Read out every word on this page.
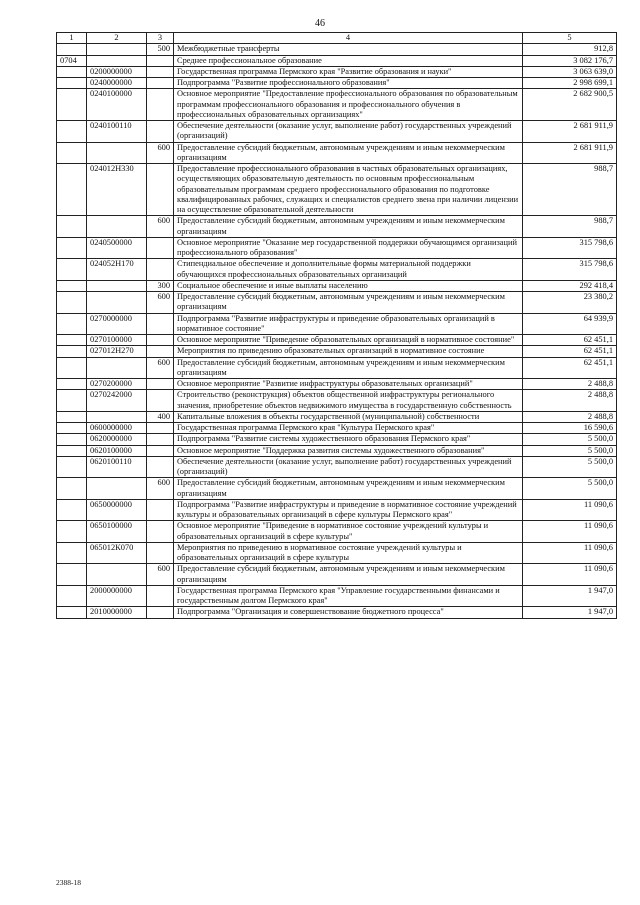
46
1	2	3	4	5
		500	Межбюджетные трансферты	912,8
0704			Среднее профессиональное образование	3 082 176,7
	0200000000		Государственная программа Пермского края "Развитие образования и науки"	3 063 639,0
	0240000000		Подпрограмма "Развитие профессионального образования"	2 998 699,1
	0240100000		Основное мероприятие "Предоставление профессионального образования по образовательным программам профессионального образования и профессионального обучения в профессиональных образовательных организациях"	2 682 900,5
	0240100110		Обеспечение деятельности (оказание услуг, выполнение работ) государственных учреждений (организаций)	2 681 911,9
		600	Предоставление субсидий бюджетным, автономным учреждениям и иным некоммерческим организациям	2 681 911,9
	024012Н330		Предоставление профессионального образования в частных образовательных организациях, осуществляющих образовательную деятельность по основным профессиональным образовательным программам среднего профессионального образования по подготовке квалифицированных рабочих, служащих и специалистов среднего звена при наличии лицензии на осуществление образовательной деятельности	988,7
		600	Предоставление субсидий бюджетным, автономным учреждениям и иным некоммерческим организациям	988,7
	0240500000		Основное мероприятие "Оказание мер государственной поддержки обучающимся организаций профессионального образования"	315 798,6
	024052Н170		Стипендиальное обеспечение и дополнительные формы материальной поддержки обучающихся профессиональных образовательных организаций	315 798,6
		300	Социальное обеспечение и иные выплаты населению	292 418,4
		600	Предоставление субсидий бюджетным, автономным учреждениям и иным некоммерческим организациям	23 380,2
	0270000000		Подпрограмма "Развитие инфраструктуры и приведение образовательных организаций в нормативное состояние"	64 939,9
	0270100000		Основное мероприятие "Приведение образовательных организаций в нормативное состояние"	62 451,1
	027012Н270		Мероприятия по приведению образовательных организаций в нормативное состояние	62 451,1
		600	Предоставление субсидий бюджетным, автономным учреждениям и иным некоммерческим организациям	62 451,1
	0270200000		Основное мероприятие "Развитие инфраструктуры образовательных организаций"	2 488,8
	0270242000		Строительство (реконструкция) объектов общественной инфраструктуры регионального значения, приобретение объектов недвижимого имущества в государственную собственность	2 488,8
		400	Капитальные вложения в объекты государственной (муниципальной) собственности	2 488,8
	0600000000		Государственная программа Пермского края "Культура Пермского края"	16 590,6
	0620000000		Подпрограмма "Развитие системы художественного образования Пермского края"	5 500,0
	0620100000		Основное мероприятие "Поддержка развития системы художественного образования"	5 500,0
	0620100110		Обеспечение деятельности (оказание услуг, выполнение работ) государственных учреждений (организаций)	5 500,0
		600	Предоставление субсидий бюджетным, автономным учреждениям и иным некоммерческим организациям	5 500,0
	0650000000		Подпрограмма "Развитие инфраструктуры и приведение в нормативное состояние учреждений культуры и образовательных организаций в сфере культуры Пермского края"	11 090,6
	0650100000		Основное мероприятие "Приведение в нормативное состояние учреждений культуры и образовательных организаций в сфере культуры"	11 090,6
	065012К070		Мероприятия по приведению в нормативное состояние учреждений культуры и образовательных организаций в сфере культуры	11 090,6
		600	Предоставление субсидий бюджетным, автономным учреждениям и иным некоммерческим организациям	11 090,6
	2000000000		Государственная программа Пермского края "Управление государственными финансами и государственным долгом Пермского края"	1 947,0
	2010000000		Подпрограмма "Организация и совершенствование бюджетного процесса"	1 947,0
2388-18
